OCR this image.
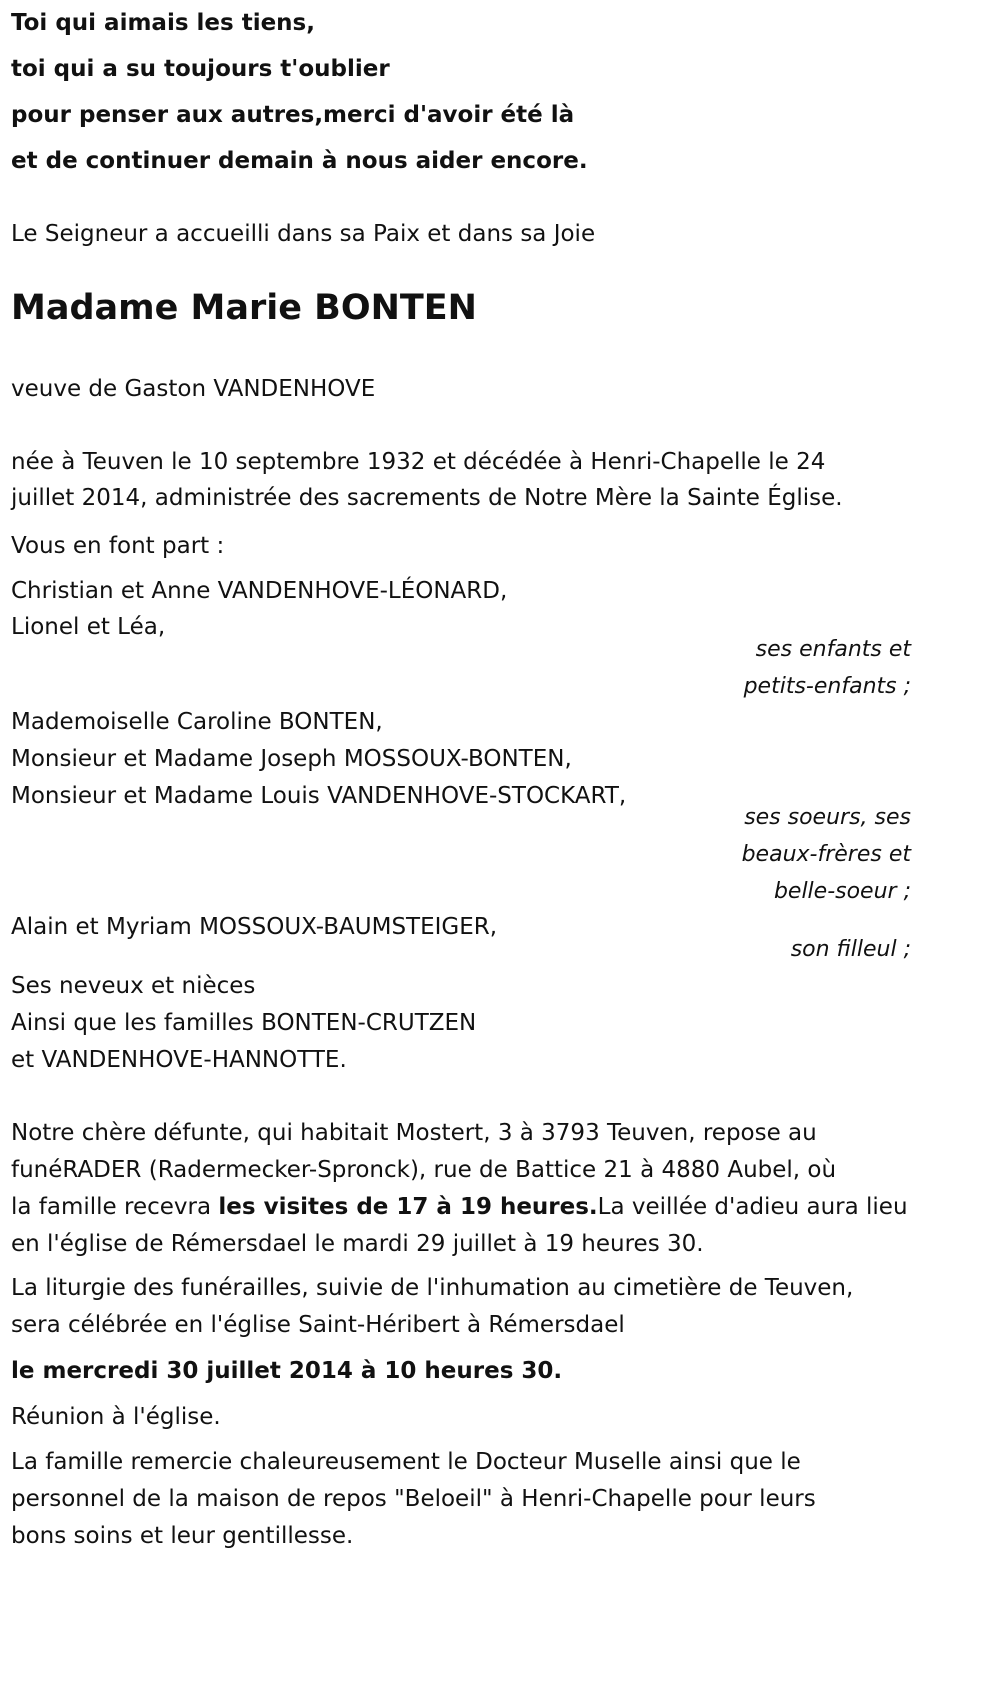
Toi qui aimais les tiens,
toi qui a su toujours t'oublier
pour penser aux autres,merci d'avoir été là
et de continuer demain à nous aider encore.
Le Seigneur a accueilli dans sa Paix et dans sa Joie
Madame Marie BONTEN
veuve de Gaston VANDENHOVE
née à Teuven le 10 septembre 1932 et décédée à Henri-Chapelle le 24
juillet 2014, administrée des sacrements de Notre Mère la Sainte Église.
Vous en font part :
Christian et Anne VANDENHOVE-LÉONARD,
Lionel et Léa,
ses enfants et
petits-enfants ;
Mademoiselle Caroline BONTEN,
Monsieur et Madame Joseph MOSSOUX-BONTEN,
Monsieur et Madame Louis VANDENHOVE-STOCKART,
ses soeurs, ses
beaux-frères et
belle-soeur ;
Alain et Myriam MOSSOUX-BAUMSTEIGER,
son filleul ;
Ses neveux et nièces
Ainsi que les familles BONTEN-CRUTZEN
et VANDENHOVE-HANNOTTE.
Notre chère défunte, qui habitait Mostert, 3 à 3793 Teuven, repose au
funéRADER (Radermecker-Spronck), rue de Battice 21 à 4880 Aubel, où
la famille recevra les visites de 17 à 19 heures.La veillée d'adieu aura lieu
en l'église de Rémersdael le mardi 29 juillet à 19 heures 30.
La liturgie des funérailles, suivie de l'inhumation au cimetière de Teuven,
sera célébrée en l'église Saint-Héribert à Rémersdael
le mercredi 30 juillet 2014 à 10 heures 30.
Réunion à l'église.
La famille remercie chaleureusement le Docteur Muselle ainsi que le
personnel de la maison de repos "Beloeil" à Henri-Chapelle pour leurs
bons soins et leur gentillesse.
